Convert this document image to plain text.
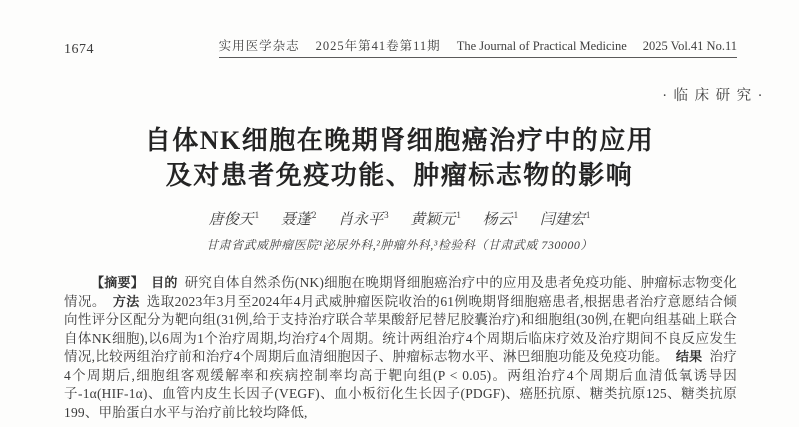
1674	实用医学杂志 2025年第41卷第11期 The Journal of Practical Medicine 2025 Vol.41 No.11
·临床研究·
自体NK细胞在晚期肾细胞癌治疗中的应用
及对患者免疫功能、肿瘤标志物的影响
唐俊天$^1$ 聂蓬$^2$ 肖永平$^3$ 黄颖元$^1$ 杨云$^1$ 闫建宏$^1$
甘肃省武威肿瘤医院¹泌尿外科,²肿瘤外科,³检验科（甘肃武威 730000）

【摘要】 目的 研究自体自然杀伤(NK)细胞在晚期肾细胞癌治疗中的应用及患者免疫功能、肿瘤标志物变化情况。 方法 选取2023年3月至2024年4月武威肿瘤医院收治的61例晚期肾细胞癌患者,根据患者治疗意愿结合倾向性评分区配分为靶向组(31例,给于支持治疗联合苹果酸舒尼替尼胶囊治疗)和细胞组(30例,在靶向组基础上联合自体NK细胞),以6周为1个治疗周期,均治疗4个周期。统计两组治疗4个周期后临床疗效及治疗期间不良反应发生情况,比较两组治疗前和治疗4个周期后血清细胞因子、肿瘤标志物水平、淋巴细胞功能及免疫功能。 结果 治疗4个周期后,细胞组客观缓解率和疾病控制率均高于靶向组(P < 0.05)。两组治疗4个周期后血清低氧诱导因子-1α(HIF-1α)、血管内皮生长因子(VEGF)、血小板衍化生长因子(PDGF)、癌胚抗原、糖类抗原125、糖类抗原199、甲胎蛋白水平与治疗前比较均降低,
